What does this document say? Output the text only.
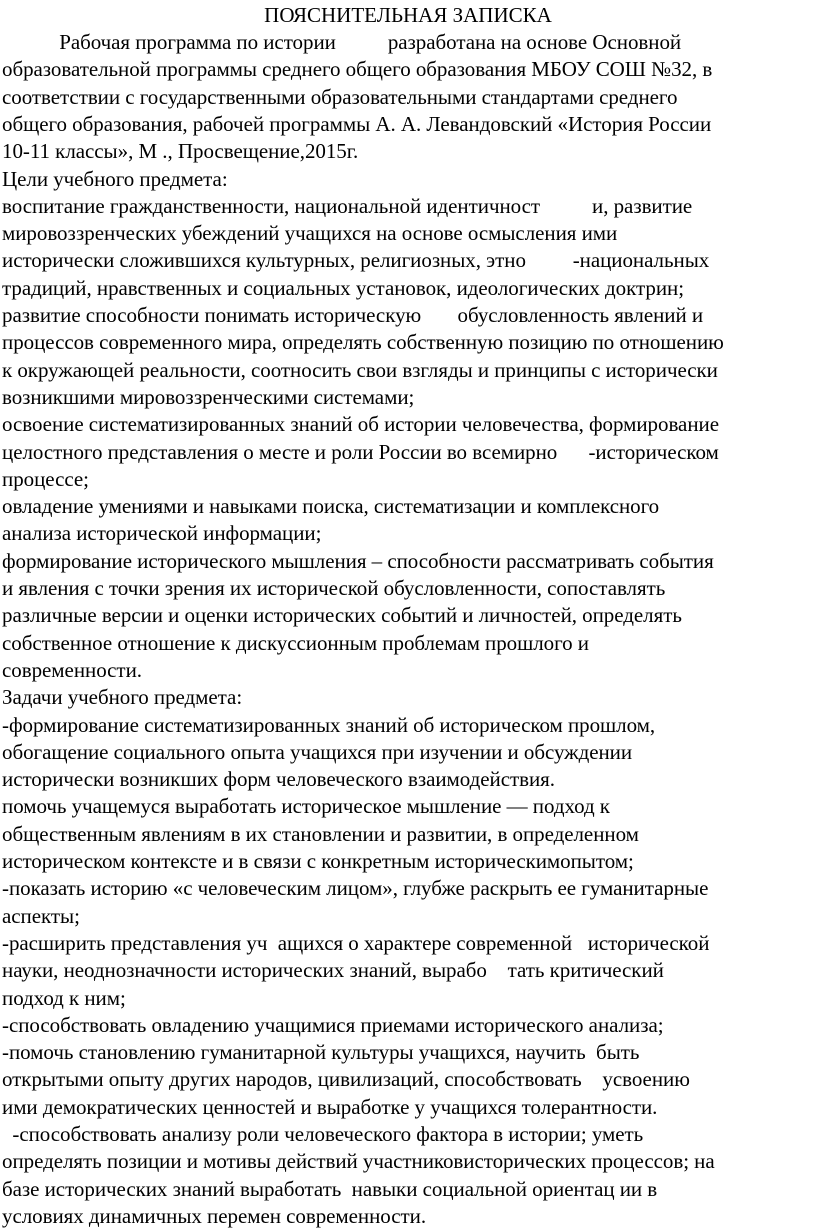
ПОЯСНИТЕЛЬНАЯ ЗАПИСКА
Рабочая программа по истории          разработана на основе Основной
образовательной программы среднего общего образования МБОУ СОШ №32, в
соответствии с государственными образовательными стандартами среднего
общего образования, рабочей программы А. А. Левандовский «История России
10-11 классы», М ., Просвещение,2015г.
Цели учебного предмета:
воспитание гражданственности, национальной идентичност          и, развитие
мировоззренческих убеждений учащихся на основе осмысления ими
исторически сложившихся культурных, религиозных, этно         -национальных
традиций, нравственных и социальных установок, идеологических доктрин;
развитие способности понимать историческую       обусловленность явлений и
процессов современного мира, определять собственную позицию по отношению
к окружающей реальности, соотносить свои взгляды и принципы с исторически
возникшими мировоззренческими системами;
освоение систематизированных знаний об истории человечества, формирование
целостного представления о месте и роли России во всемирно      -историческом
процессе;
овладение умениями и навыками поиска, систематизации и комплексного
анализа исторической информации;
формирование исторического мышления – способности рассматривать события
и явления с точки зрения их исторической обусловленности, сопоставлять
различные версии и оценки исторических событий и личностей, определять
собственное отношение к дискуссионным проблемам прошлого и
современности.
Задачи учебного предмета:
-формирование систематизированных знаний об историческом прошлом,
обогащение социального опыта учащихся при изучении и обсуждении
исторически возникших форм человеческого взаимодействия.
помочь учащемуся выработать историческое мышление — подход к
общественным явлениям в их становлении и развитии, в определенном
историческом контексте и в связи с конкретным историческимопытом;
-показать историю «с человеческим лицом», глубже раскрыть ее гуманитарные
аспекты;
-расширить представления уч  ащихся о характере современной   исторической
науки, неоднозначности исторических знаний, вырабо    тать критический
подход к ним;
-способствовать овладению учащимися приемами исторического анализа;
-помочь становлению гуманитарной культуры учащихся, научить  быть
открытыми опыту других народов, цивилизаций, способствовать    усвоению
ими демократических ценностей и выработке у учащихся толерантности.
-способствовать анализу роли человеческого фактора в истории; уметь
определять позиции и мотивы действий участниковисторических процессов; на
базе исторических знаний выработать  навыки социальной ориентац ии в
условиях динамичных перемен современности.
